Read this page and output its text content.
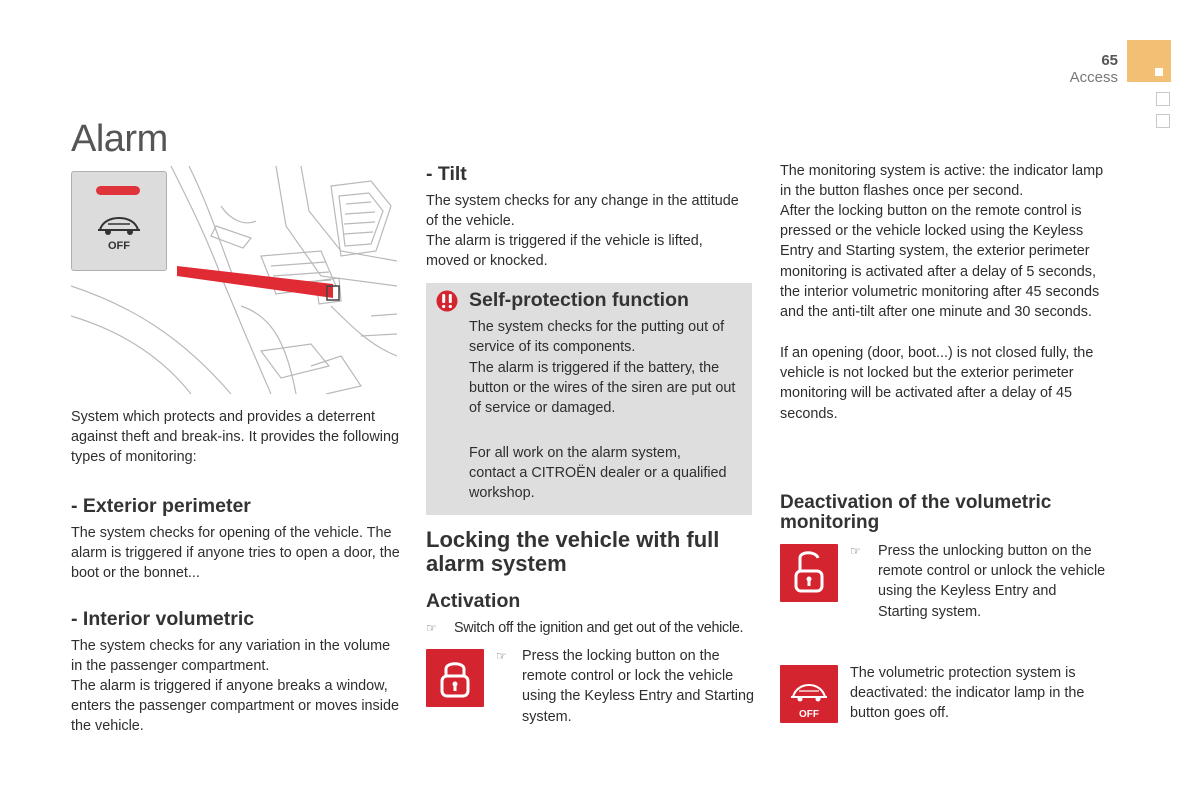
65
Access
Alarm
OFF

System which protects and provides a deterrent against theft and break-ins. It provides the following types of monitoring:

- Exterior perimeter

The system checks for opening of the vehicle. The alarm is triggered if anyone tries to open a door, the boot or the bonnet...

- Interior volumetric

The system checks for any variation in the volume in the passenger compartment.

The alarm is triggered if anyone breaks a window, enters the passenger compartment or moves inside the vehicle.

- Tilt

The system checks for any change in the attitude of the vehicle.

The alarm is triggered if the vehicle is lifted, moved or knocked.

Self-protection function

The system checks for the putting out of service of its components.

The alarm is triggered if the battery, the button or the wires of the siren are put out of service or damaged.

For all work on the alarm system, contact a CITROËN dealer or a qualified workshop.

Locking the vehicle with full alarm system
Activation
☞ Switch off the ignition and get out of the vehicle.

☞ Press the locking button on the remote control or lock the vehicle using the Keyless Entry and Starting system.

The monitoring system is active: the indicator lamp in the button flashes once per second.

After the locking button on the remote control is pressed or the vehicle locked using the Keyless Entry and Starting system, the exterior perimeter monitoring is activated after a delay of 5 seconds, the interior volumetric monitoring after 45 seconds and the anti-tilt after one minute and 30 seconds.

If an opening (door, boot...) is not closed fully, the vehicle is not locked but the exterior perimeter monitoring will be activated after a delay of 45 seconds.

Deactivation of the volumetric monitoring
☞ Press the unlocking button on the remote control or unlock the vehicle using the Keyless Entry and Starting system.

OFF

The volumetric protection system is deactivated: the indicator lamp in the button goes off.
